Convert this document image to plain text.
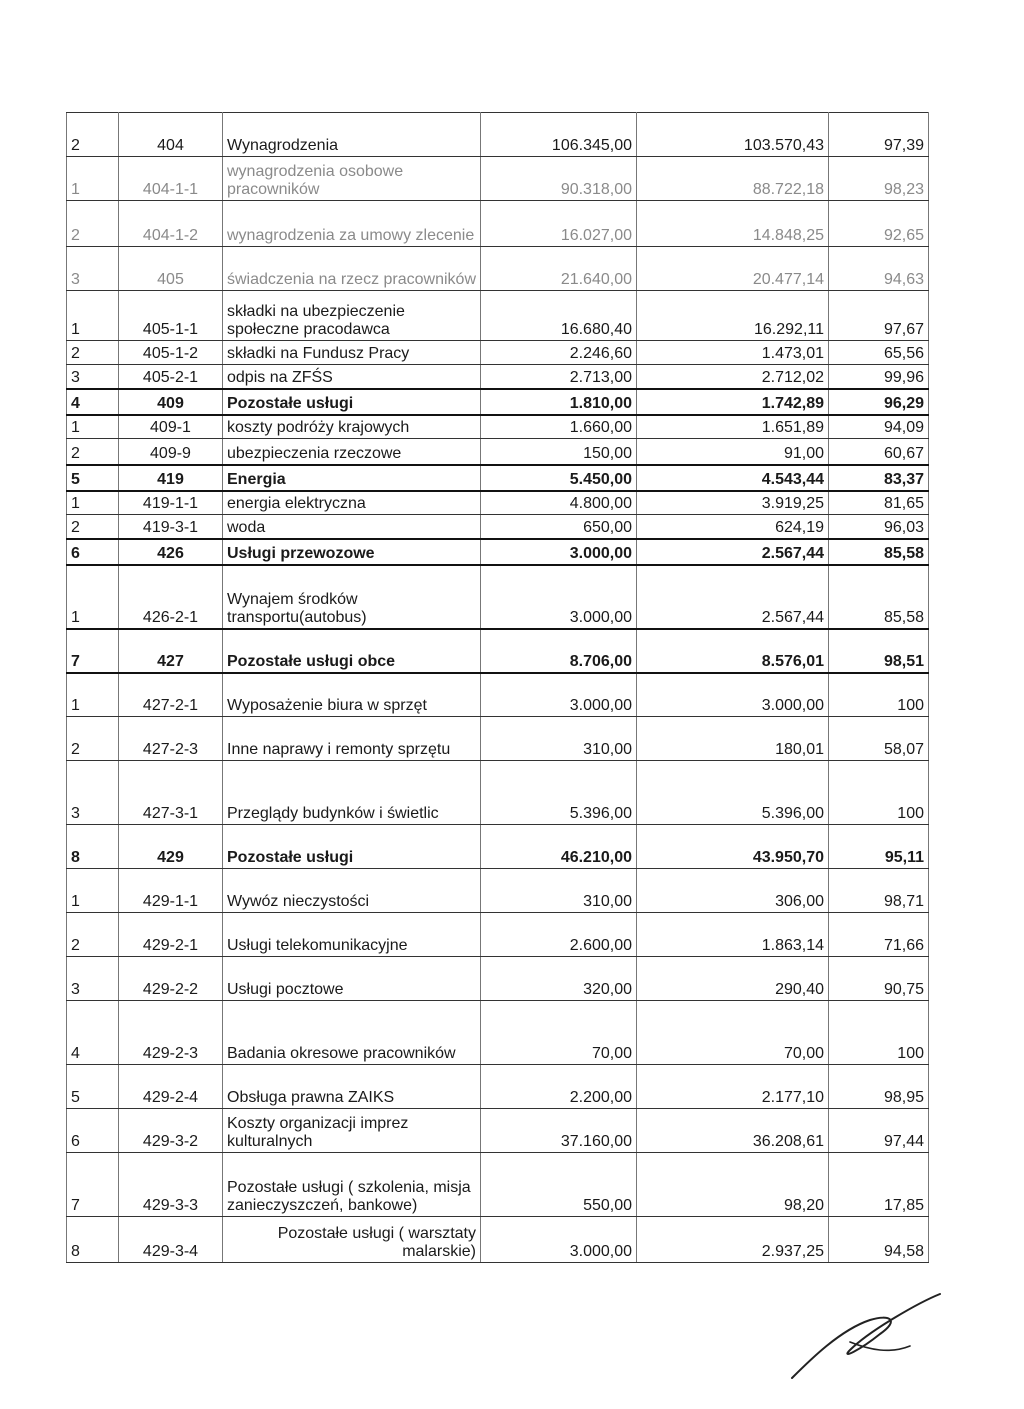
2	404	Wynagrodzenia	106.345,00	103.570,43	97,39
1	404-1-1	wynagrodzenia osobowe pracowników	90.318,00	88.722,18	98,23
2	404-1-2	wynagrodzenia za umowy zlecenie	16.027,00	14.848,25	92,65
3	405	świadczenia na rzecz pracowników	21.640,00	20.477,14	94,63
1	405-1-1	składki na ubezpieczenie społeczne pracodawca	16.680,40	16.292,11	97,67
2	405-1-2	składki na Fundusz Pracy	2.246,60	1.473,01	65,56
3	405-2-1	odpis na ZFŚS	2.713,00	2.712,02	99,96
4	409	Pozostałe usługi	1.810,00	1.742,89	96,29
1	409-1	koszty podróży krajowych	1.660,00	1.651,89	94,09
2	409-9	ubezpieczenia rzeczowe	150,00	91,00	60,67
5	419	Energia	5.450,00	4.543,44	83,37
1	419-1-1	energia elektryczna	4.800,00	3.919,25	81,65
2	419-3-1	woda	650,00	624,19	96,03
6	426	Usługi przewozowe	3.000,00	2.567,44	85,58
1	426-2-1	Wynajem środków transportu(autobus)	3.000,00	2.567,44	85,58
7	427	Pozostałe usługi obce	8.706,00	8.576,01	98,51
1	427-2-1	Wyposażenie biura w sprzęt	3.000,00	3.000,00	100
2	427-2-3	Inne naprawy i remonty sprzętu	310,00	180,01	58,07
3	427-3-1	Przeglądy budynków i świetlic	5.396,00	5.396,00	100
8	429	Pozostałe usługi	46.210,00	43.950,70	95,11
1	429-1-1	Wywóz nieczystości	310,00	306,00	98,71
2	429-2-1	Usługi telekomunikacyjne	2.600,00	1.863,14	71,66
3	429-2-2	Usługi pocztowe	320,00	290,40	90,75
4	429-2-3	Badania okresowe pracowników	70,00	70,00	100
5	429-2-4	Obsługa prawna ZAIKS	2.200,00	2.177,10	98,95
6	429-3-2	Koszty organizacji imprez kulturalnych	37.160,00	36.208,61	97,44
7	429-3-3	Pozostałe usługi ( szkolenia, misja zanieczyszczeń, bankowe)	550,00	98,20	17,85
8	429-3-4	Pozostałe usługi ( warsztaty malarskie)	3.000,00	2.937,25	94,58
